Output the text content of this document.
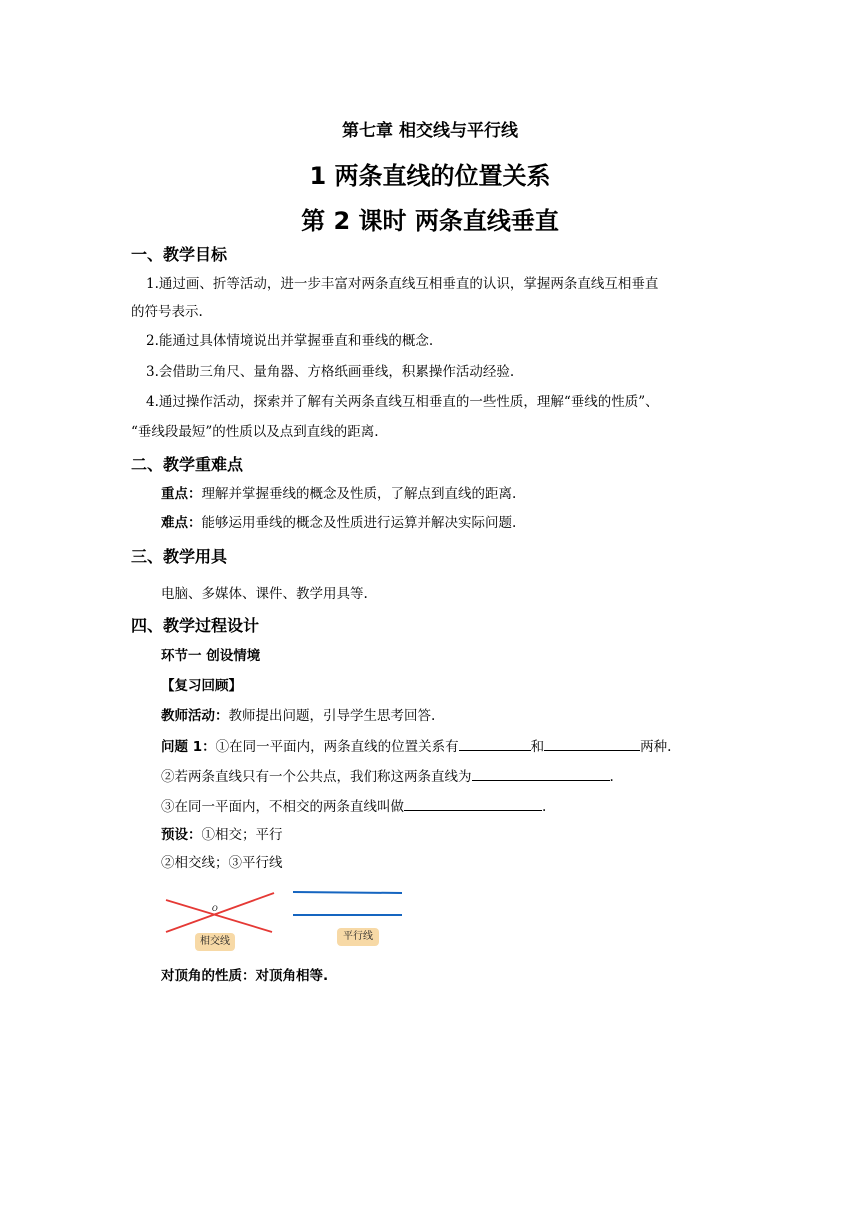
第七章 相交线与平行线
1 两条直线的位置关系
第 2 课时 两条直线垂直
一、教学目标
1.通过画、折等活动，进一步丰富对两条直线互相垂直的认识，掌握两条直线互相垂直
的符号表示.
2.能通过具体情境说出并掌握垂直和垂线的概念.
3.会借助三角尺、量角器、方格纸画垂线，积累操作活动经验.
4.通过操作活动，探索并了解有关两条直线互相垂直的一些性质，理解“垂线的性质”、
“垂线段最短”的性质以及点到直线的距离.
二、教学重难点
重点：理解并掌握垂线的概念及性质，了解点到直线的距离.
难点：能够运用垂线的概念及性质进行运算并解决实际问题.
三、教学用具
电脑、多媒体、课件、教学用具等.
四、教学过程设计
环节一 创设情境
【复习回顾】
教师活动：教师提出问题，引导学生思考回答.
问题 1：①在同一平面内，两条直线的位置关系有	和	两种.
②若两条直线只有一个公共点，我们称这两条直线为	.
③在同一平面内，不相交的两条直线叫做	.
预设：①相交；平行
②相交线；③平行线
O
相交线	平行线
对顶角的性质：对顶角相等.
